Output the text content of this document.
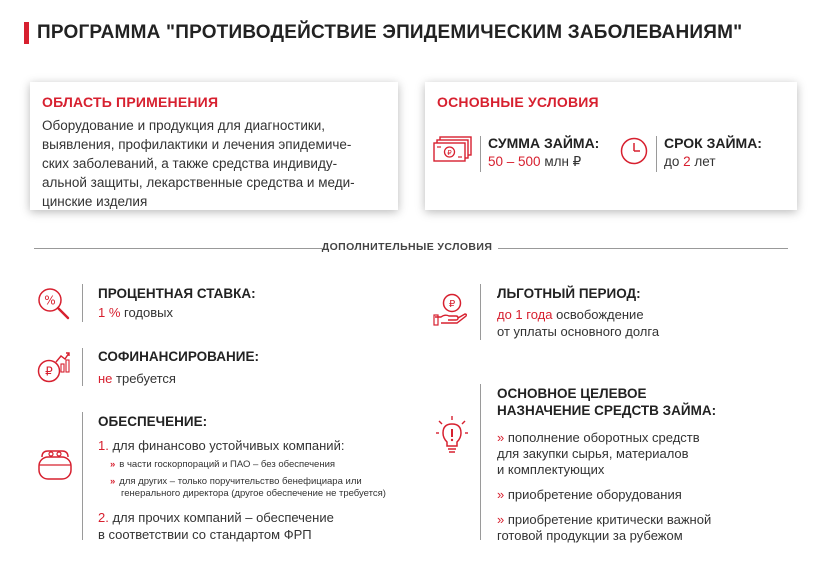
ПРОГРАММА "ПРОТИВОДЕЙСТВИЕ ЭПИДЕМИЧЕСКИМ ЗАБОЛЕВАНИЯМ"
ОБЛАСТЬ ПРИМЕНЕНИЯ
Оборудование и продукция для диагностики,
выявления, профилактики и лечения эпидемиче-
ских заболеваний, а также средства индивиду-
альной защиты, лекарственные средства и меди-
цинские изделия
ОСНОВНЫЕ УСЛОВИЯ
₽
СУММА ЗАЙМА:
50 – 500 млн ₽
СРОК ЗАЙМА:
до 2 лет
ДОПОЛНИТЕЛЬНЫЕ УСЛОВИЯ
%	ПРОЦЕНТНАЯ СТАВКА:
1 % годовых
₽
СОФИНАНСИРОВАНИЕ:
не требуется
ОБЕСПЕЧЕНИЕ:
1. для финансово устойчивых компаний:
» в части госкорпораций и ПАО – без обеспечения
» для других – только поручительство бенефициара или
генерального директора (другое обеспечение не требуется)
2. для прочих компаний – обеспечение
в соответствии со стандартом ФРП
₽
ЛЬГОТНЫЙ ПЕРИОД:
до 1 года освобождение
от уплаты основного долга
ОСНОВНОЕ ЦЕЛЕВОЕ
НАЗНАЧЕНИЕ СРЕДСТВ ЗАЙМА:
» пополнение оборотных средств
для закупки сырья, материалов
и комплектующих
» приобретение оборудования
» приобретение критически важной
готовой продукции за рубежом
